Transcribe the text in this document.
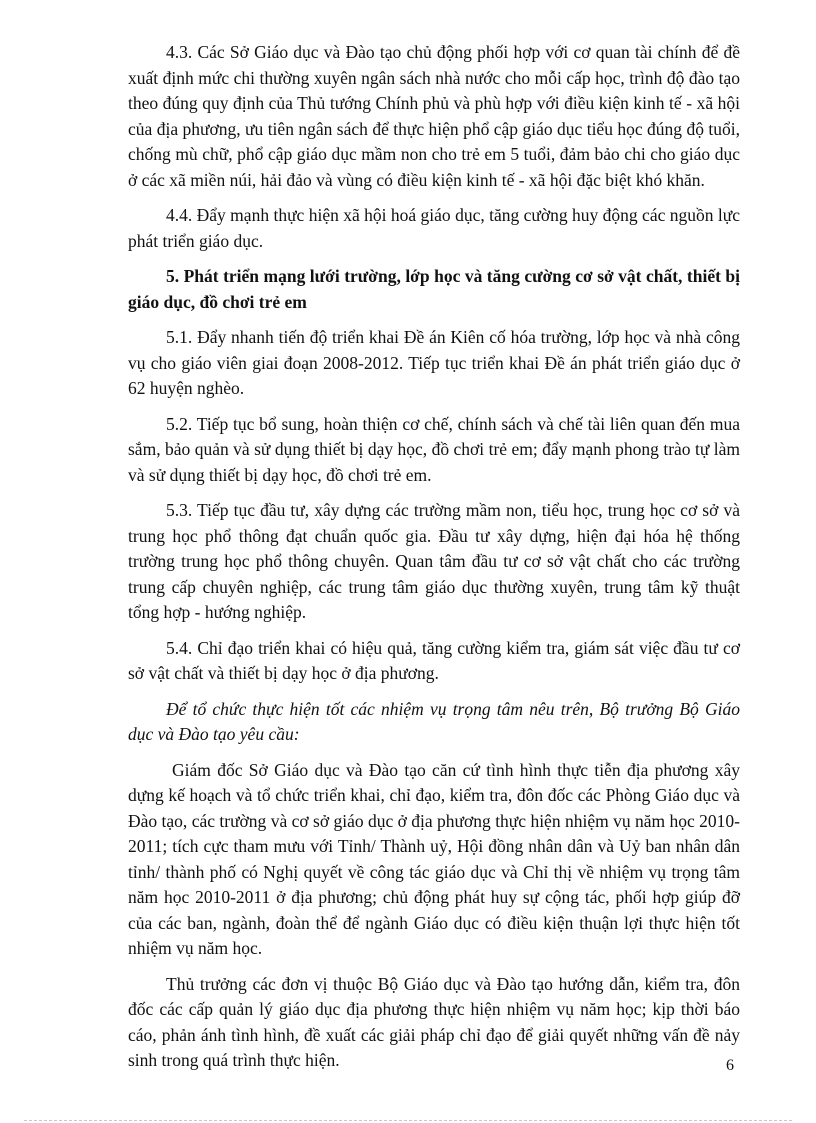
4.3. Các Sở Giáo dục và Đào tạo chủ động phối hợp với cơ quan tài chính để đề xuất định mức chi thường xuyên ngân sách nhà nước cho mỗi cấp học, trình độ đào tạo theo đúng quy định của Thủ tướng Chính phủ và phù hợp với điều kiện kinh tế - xã hội của địa phương, ưu tiên ngân sách để thực hiện phổ cập giáo dục tiểu học đúng độ tuổi, chống mù chữ, phổ cập giáo dục mầm non cho trẻ em 5 tuổi, đảm bảo chi cho giáo dục ở các xã miền núi, hải đảo và vùng có điều kiện kinh tế - xã hội đặc biệt khó khăn.

4.4. Đẩy mạnh thực hiện xã hội hoá giáo dục, tăng cường huy động các nguồn lực phát triển giáo dục.

5. Phát triển mạng lưới trường, lớp học và tăng cường cơ sở vật chất, thiết bị giáo dục, đồ chơi trẻ em

5.1. Đẩy nhanh tiến độ triển khai Đề án Kiên cố hóa trường, lớp học và nhà công vụ cho giáo viên giai đoạn 2008-2012. Tiếp tục triển khai Đề án phát triển giáo dục ở 62 huyện nghèo.

5.2. Tiếp tục bổ sung, hoàn thiện cơ chế, chính sách và chế tài liên quan đến mua sắm, bảo quản và sử dụng thiết bị dạy học, đồ chơi trẻ em; đẩy mạnh phong trào tự làm và sử dụng thiết bị dạy học, đồ chơi trẻ em.

5.3. Tiếp tục đầu tư, xây dựng các trường mầm non, tiểu học, trung học cơ sở và trung học phổ thông đạt chuẩn quốc gia. Đầu tư xây dựng, hiện đại hóa hệ thống trường trung học phổ thông chuyên. Quan tâm đầu tư cơ sở vật chất cho các trường trung cấp chuyên nghiệp, các trung tâm giáo dục thường xuyên, trung tâm kỹ thuật tổng hợp - hướng nghiệp.

5.4. Chỉ đạo triển khai có hiệu quả, tăng cường kiểm tra, giám sát việc đầu tư cơ sở vật chất và thiết bị dạy học ở địa phương.

Để tổ chức thực hiện tốt các nhiệm vụ trọng tâm nêu trên, Bộ trưởng Bộ Giáo dục và Đào tạo yêu cầu:

Giám đốc Sở Giáo dục và Đào tạo căn cứ tình hình thực tiễn địa phương xây dựng kế hoạch và tổ chức triển khai, chỉ đạo, kiểm tra, đôn đốc các Phòng Giáo dục và Đào tạo, các trường và cơ sở giáo dục ở địa phương thực hiện nhiệm vụ năm học 2010-2011; tích cực tham mưu với Tỉnh/ Thành uỷ, Hội đồng nhân dân và Uỷ ban nhân dân tỉnh/ thành phố có Nghị quyết về công tác giáo dục và Chỉ thị về nhiệm vụ trọng tâm năm học 2010-2011 ở địa phương; chủ động phát huy sự cộng tác, phối hợp giúp đỡ của các ban, ngành, đoàn thể để ngành Giáo dục có điều kiện thuận lợi thực hiện tốt nhiệm vụ năm học.

Thủ trưởng các đơn vị thuộc Bộ Giáo dục và Đào tạo hướng dẫn, kiểm tra, đôn đốc các cấp quản lý giáo dục địa phương thực hiện nhiệm vụ năm học; kịp thời báo cáo, phản ánh tình hình, đề xuất các giải pháp chỉ đạo để giải quyết những vấn đề nảy sinh trong quá trình thực hiện.	6
